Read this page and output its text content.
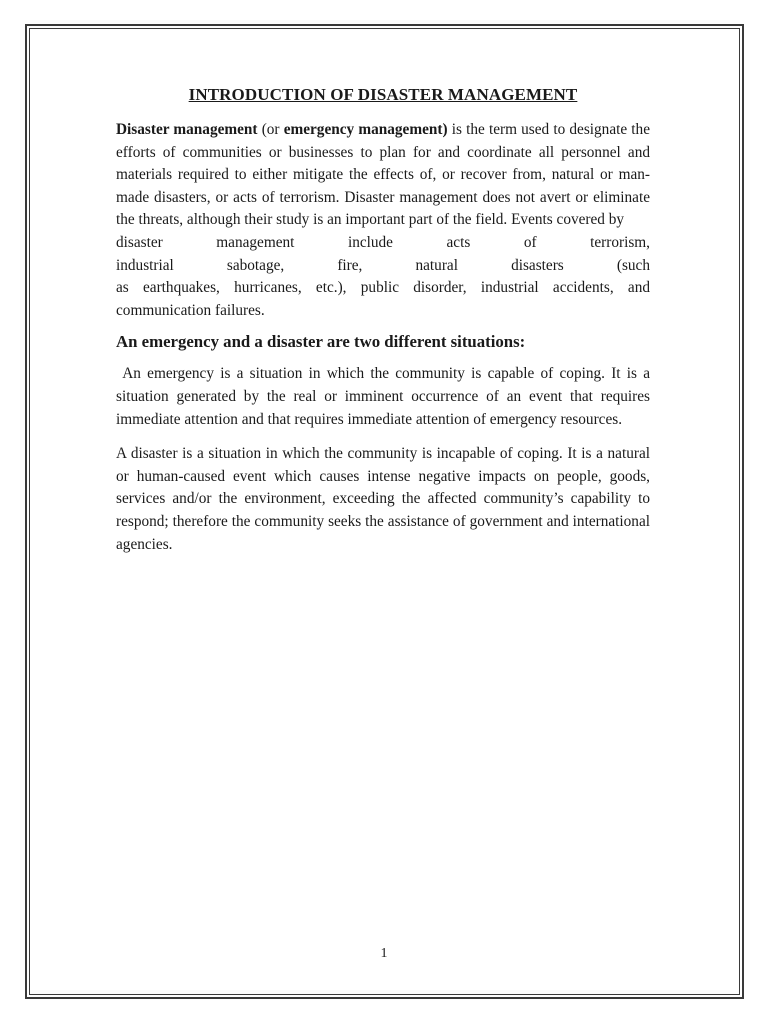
INTRODUCTION OF DISASTER MANAGEMENT

Disaster management (or emergency management) is the term used to designate the efforts of communities or businesses to plan for and coordinate all personnel and materials required to either mitigate the effects of, or recover from, natural or man-made disasters, or acts of terrorism. Disaster management does not avert or eliminate the threats, although their study is an important part of the field. Events covered by

disaster management include acts of terrorism,

industrial sabotage, fire, natural disasters (such

as earthquakes, hurricanes, etc.), public disorder, industrial accidents, and communication failures.

An emergency and a disaster are two different situations:

An emergency is a situation in which the community is capable of coping. It is a situation generated by the real or imminent occurrence of an event that requires immediate attention and that requires immediate attention of emergency resources.

A disaster is a situation in which the community is incapable of coping. It is a natural or human-caused event which causes intense negative impacts on people, goods, services and/or the environment, exceeding the affected community’s capability to respond; therefore the community seeks the assistance of government and international agencies.

1
